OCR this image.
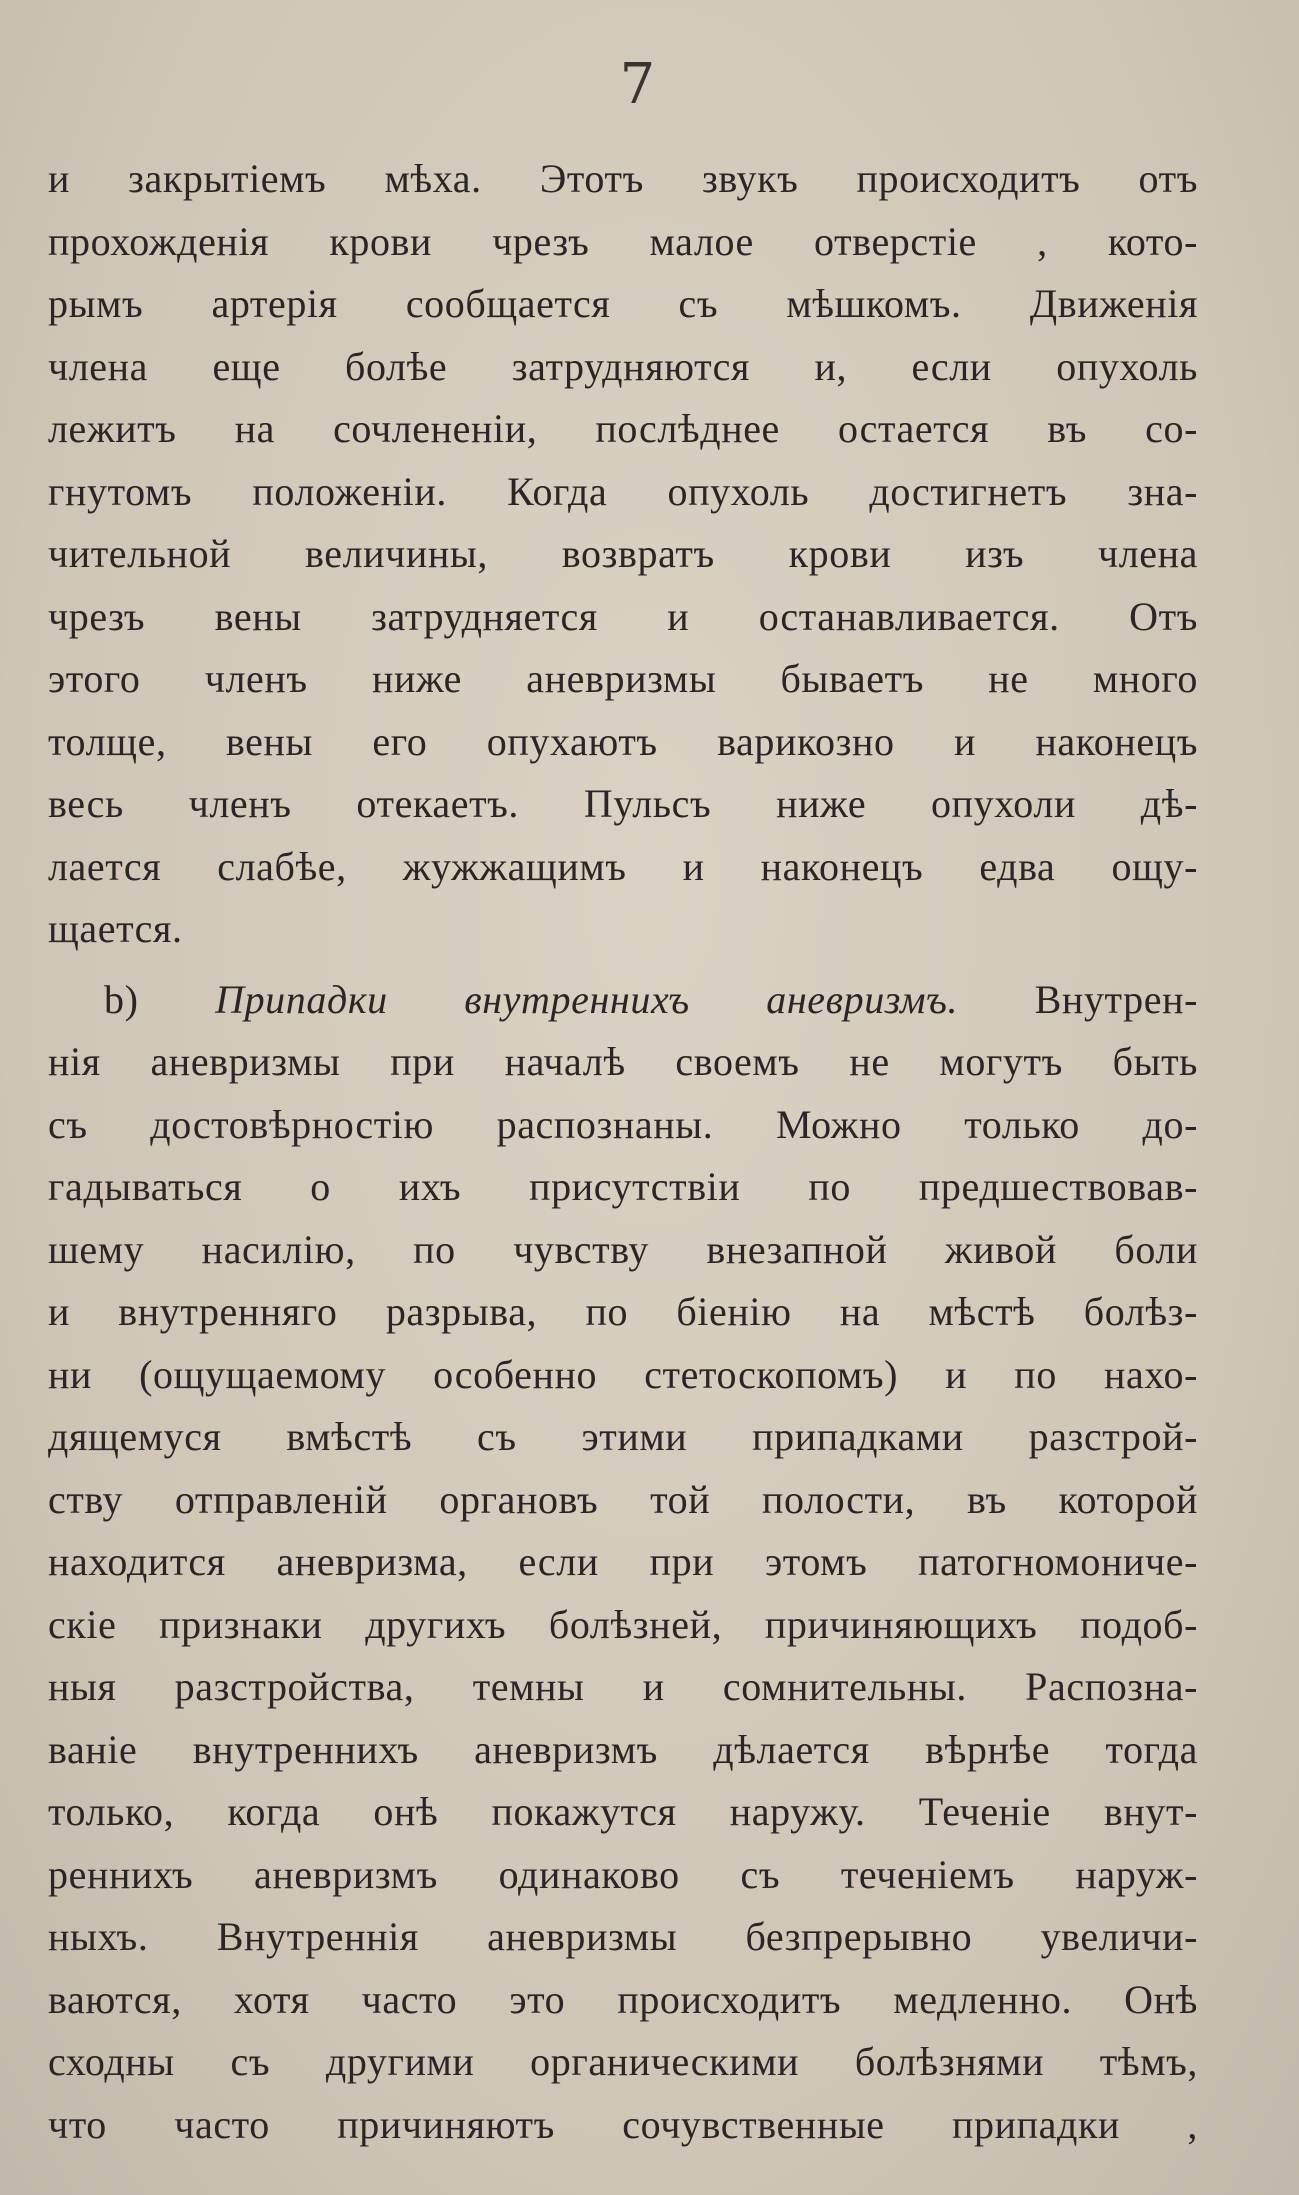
7
и закрытіемъ мѣха. Этотъ звукъ происходитъ отъ
прохожденія крови чрезъ малое отверстіе , кото-
рымъ артерія сообщается съ мѣшкомъ. Движенія
члена еще болѣе затрудняются и, если опухоль
лежитъ на сочлененіи, послѣднее остается въ со-
гнутомъ положеніи. Когда опухоль достигнетъ зна-
чительной величины, возвратъ крови изъ члена
чрезъ вены затрудняется и останавливается. Отъ
этого членъ ниже аневризмы бываетъ не много
толще, вены его опухаютъ варикозно и наконецъ
весь членъ отекаетъ. Пульсъ ниже опухоли дѣ-
лается слабѣе, жужжащимъ и наконецъ едва ощу-
щается.
b) Припадки внутреннихъ аневризмъ. Внутрен-
нія аневризмы при началѣ своемъ не могутъ быть
съ достовѣрностію распознаны. Можно только до-
гадываться о ихъ присутствіи по предшествовав-
шему насилію, по чувству внезапной живой боли
и внутренняго разрыва, по біенію на мѣстѣ болѣз-
ни (ощущаемому особенно стетоскопомъ) и по нахо-
дящемуся вмѣстѣ съ этими припадками разстрой-
ству отправленій органовъ той полости, въ которой
находится аневризма, если при этомъ патогномониче-
скіе признаки другихъ болѣзней, причиняющихъ подоб-
ныя разстройства, темны и сомнительны. Распозна-
ваніе внутреннихъ аневризмъ дѣлается вѣрнѣе тогда
только, когда онѣ покажутся наружу. Теченіе внут-
реннихъ аневризмъ одинаково съ теченіемъ наруж-
ныхъ. Внутреннія аневризмы безпрерывно увеличи-
ваются, хотя часто это происходитъ медленно. Онѣ
сходны съ другими органическими болѣзнями тѣмъ,
что часто причиняютъ сочувственные припадки ,
